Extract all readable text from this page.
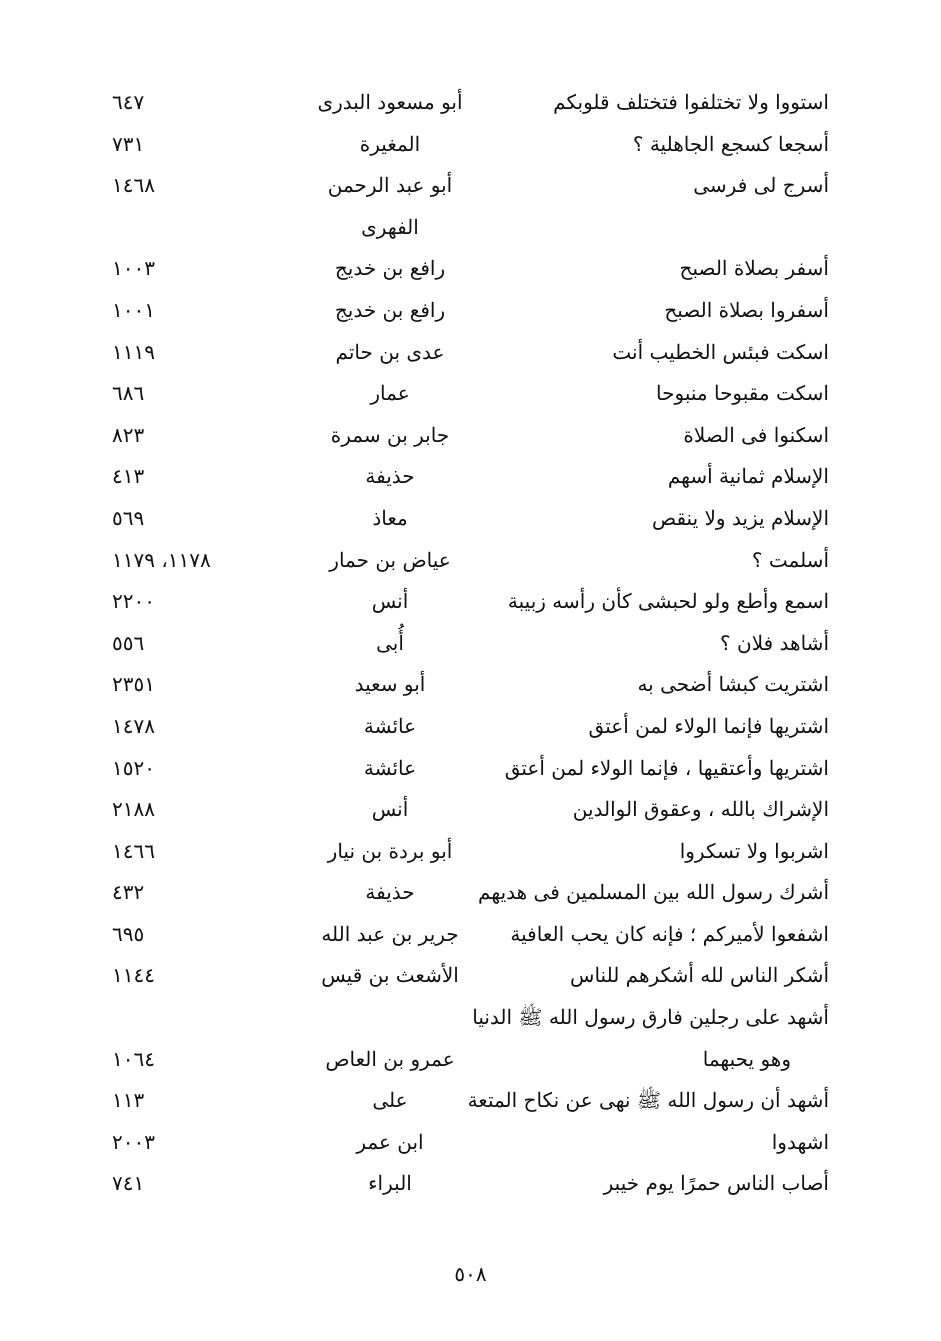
استووا ولا تختلفوا فتختلف قلوبكم
أبو مسعود البدرى
٦٤٧
أسجعا كسجع الجاهلية ؟
المغيرة
٧٣١
أسرج لى فرسى
أبو عبد الرحمن
١٤٦٨
الفهرى
أسفر بصلاة الصبح
رافع بن خديج
١٠٠٣
أسفروا بصلاة الصبح
رافع بن خديج
١٠٠١
اسكت فبئس الخطيب أنت
عدى بن حاتم
١١١٩
اسكت مقبوحا منبوحا
عمار
٦٨٦
اسكنوا فى الصلاة
جابر بن سمرة
٨٢٣
الإسلام ثمانية أسهم
حذيفة
٤١٣
الإسلام يزيد ولا ينقص
معاذ
٥٦٩
أسلمت ؟
عياض بن حمار
١١٧٨، ١١٧٩
اسمع وأطع ولو لحبشى كأن رأسه زبيبة
أنس
٢٢٠٠
أشاهد فلان ؟
أُبى
٥٥٦
اشتريت كبشا أضحى به
أبو سعيد
٢٣٥١
اشتريها فإنما الولاء لمن أعتق
عائشة
١٤٧٨
اشتريها وأعتقيها ، فإنما الولاء لمن أعتق
عائشة
١٥٢٠
الإشراك بالله ، وعقوق الوالدين
أنس
٢١٨٨
اشربوا ولا تسكروا
أبو بردة بن نيار
١٤٦٦
أشرك رسول الله بين المسلمين فى هديهم
حذيفة
٤٣٢
اشفعوا لأميركم ؛ فإنه كان يحب العافية
جرير بن عبد الله
٦٩٥
أشكر الناس لله أشكرهم للناس
الأشعث بن قيس
١١٤٤
أشهد على رجلين فارق رسول الله ﷺ الدنيا
وهو يحبهما
عمرو بن العاص
١٠٦٤
أشهد أن رسول الله ﷺ نهى عن نكاح المتعة
على
١١٣
اشهدوا
ابن عمر
٢٠٠٣
أصاب الناس حمرًا يوم خيبر
البراء
٧٤١
٥٠٨
